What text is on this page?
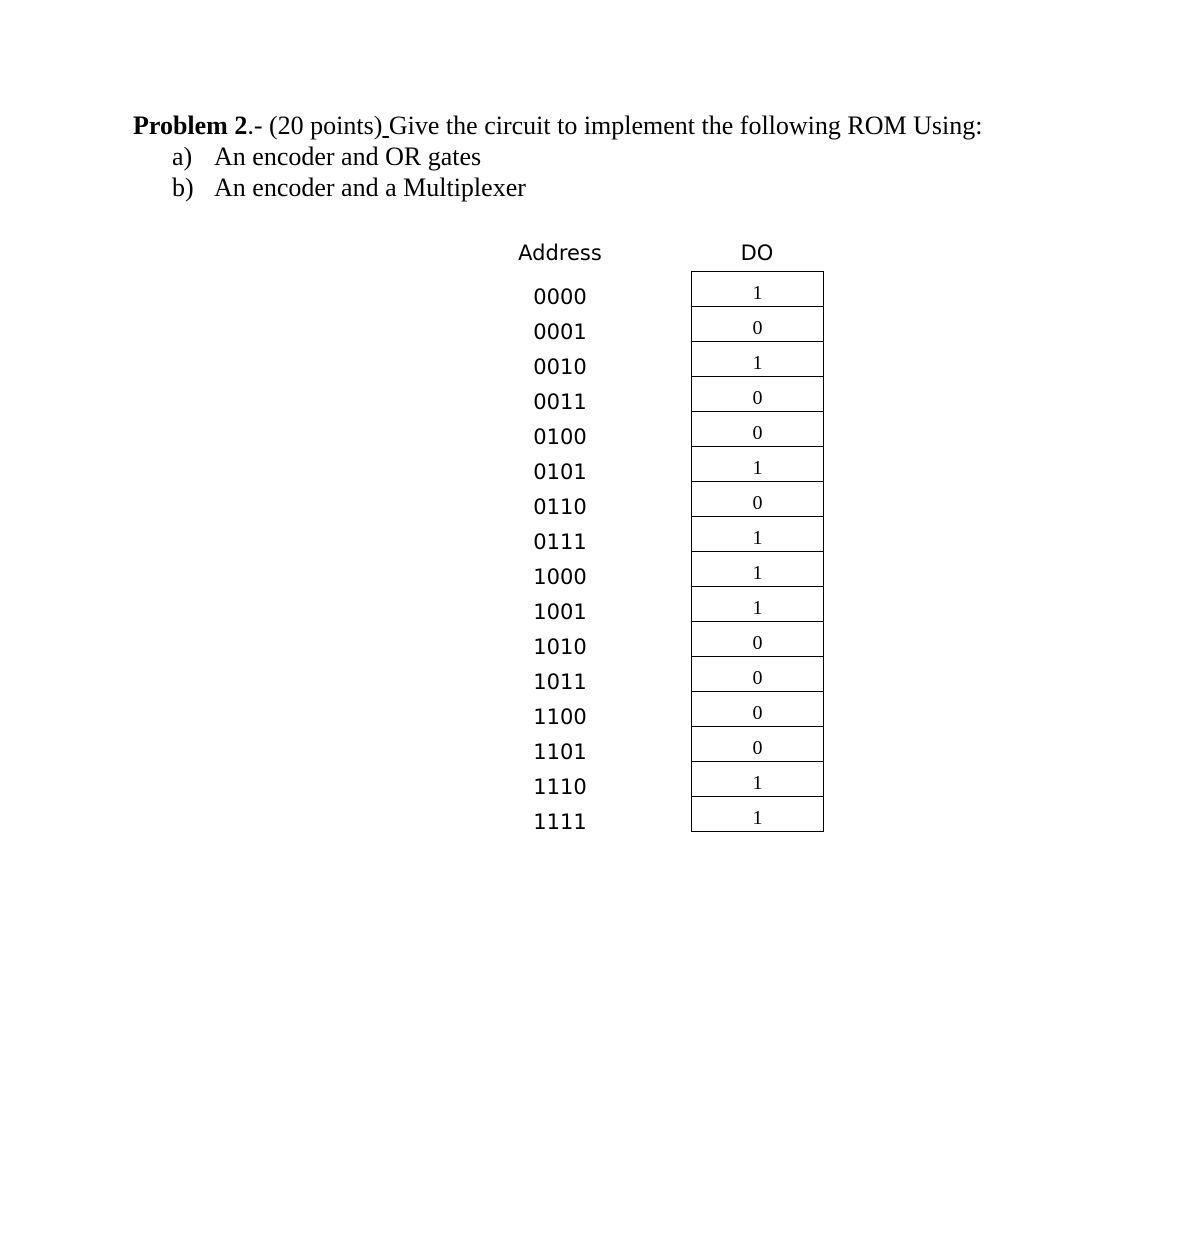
Problem 2.- (20 points) Give the circuit to implement the following ROM Using:
a) An encoder and OR gates
b) An encoder and a Multiplexer
Address	DO
0000
0001
0010
0011
0100
0101
0110
0111
1000
1001
1010
1011
1100
1101
1110
1111
1
0
1
0
0
1
0
1
1
1
0
0
0
0
1
1
